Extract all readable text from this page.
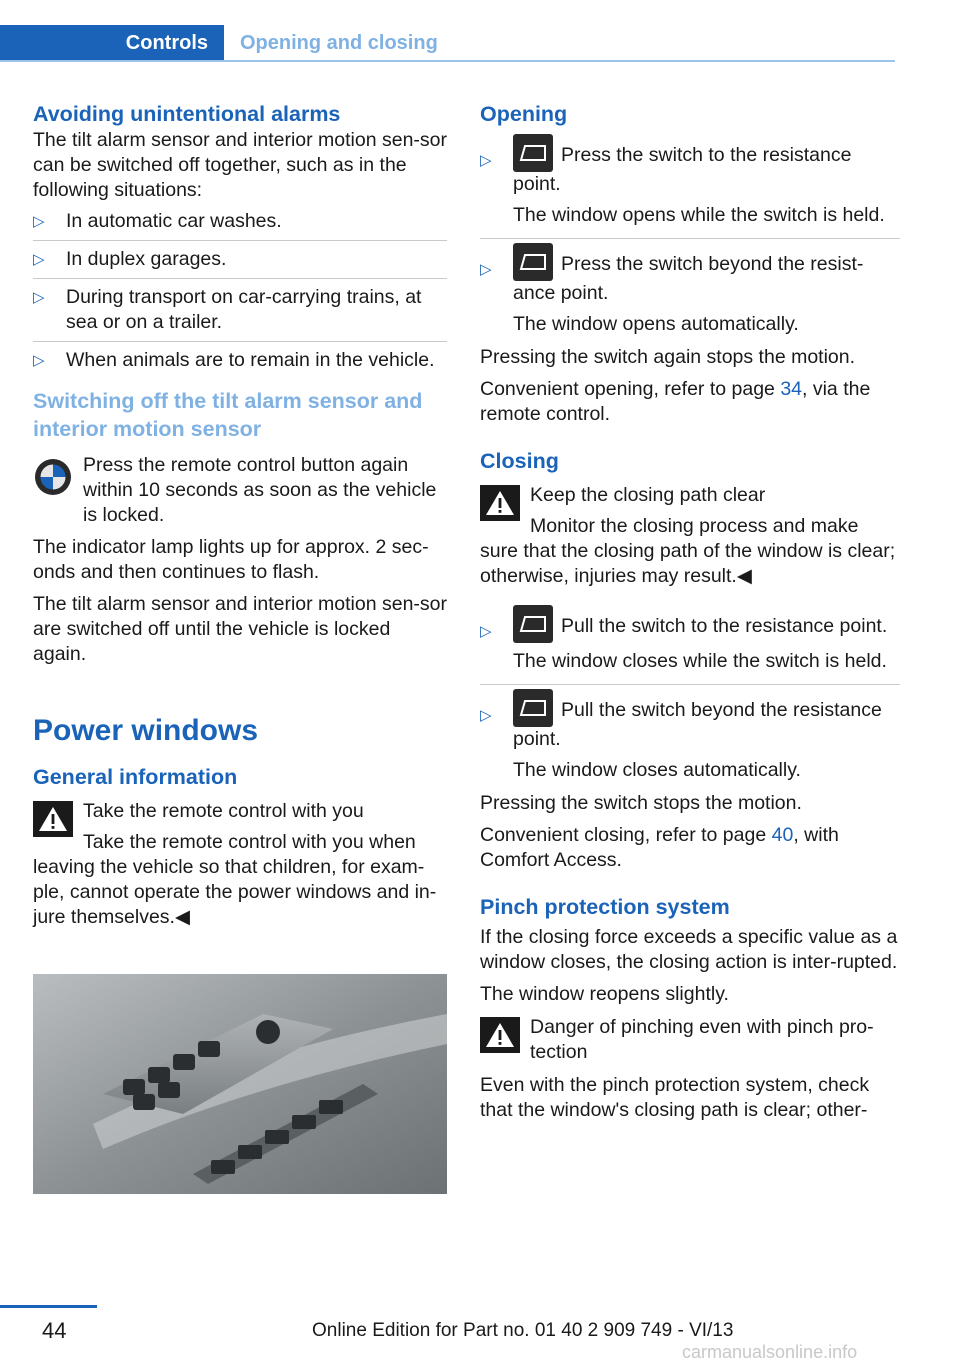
Controls	Opening and closing
Avoiding unintentional alarms

The tilt alarm sensor and interior motion sen-sor can be switched off together, such as in the following situations:

▷ In automatic car washes.
▷ In duplex garages.
▷ During transport on car-carrying trains, at sea or on a trailer.
▷ When animals are to remain in the vehicle.
Switching off the tilt alarm sensor and interior motion sensor

Press the remote control button again within 10 seconds as soon as the vehicle is locked.

The indicator lamp lights up for approx. 2 sec-onds and then continues to flash.

The tilt alarm sensor and interior motion sen-sor are switched off until the vehicle is locked again.

Power windows
General information

Take the remote control with you

Take the remote control with you when leaving the vehicle so that children, for exam-ple, cannot operate the power windows and in-jure themselves.◀

Opening
▷	Press the switch to the resistance point.

The window opens while the switch is held.

▷	Press the switch beyond the resist-ance point.

The window opens automatically.

Pressing the switch again stops the motion.

Convenient opening, refer to page 34, via the remote control.

Closing

Keep the closing path clear

Monitor the closing process and make sure that the closing path of the window is clear; otherwise, injuries may result.◀

▷	Pull the switch to the resistance point.

The window closes while the switch is held.

▷	Pull the switch beyond the resistance point.

The window closes automatically.

Pressing the switch stops the motion.

Convenient closing, refer to page 40, with Comfort Access.

Pinch protection system

If the closing force exceeds a specific value as a window closes, the closing action is inter-rupted.

The window reopens slightly.

Danger of pinching even with pinch pro-tection

Even with the pinch protection system, check that the window's closing path is clear; other-

44	Online Edition for Part no. 01 40 2 909 749 - VI/13
carmanualsonline.info
